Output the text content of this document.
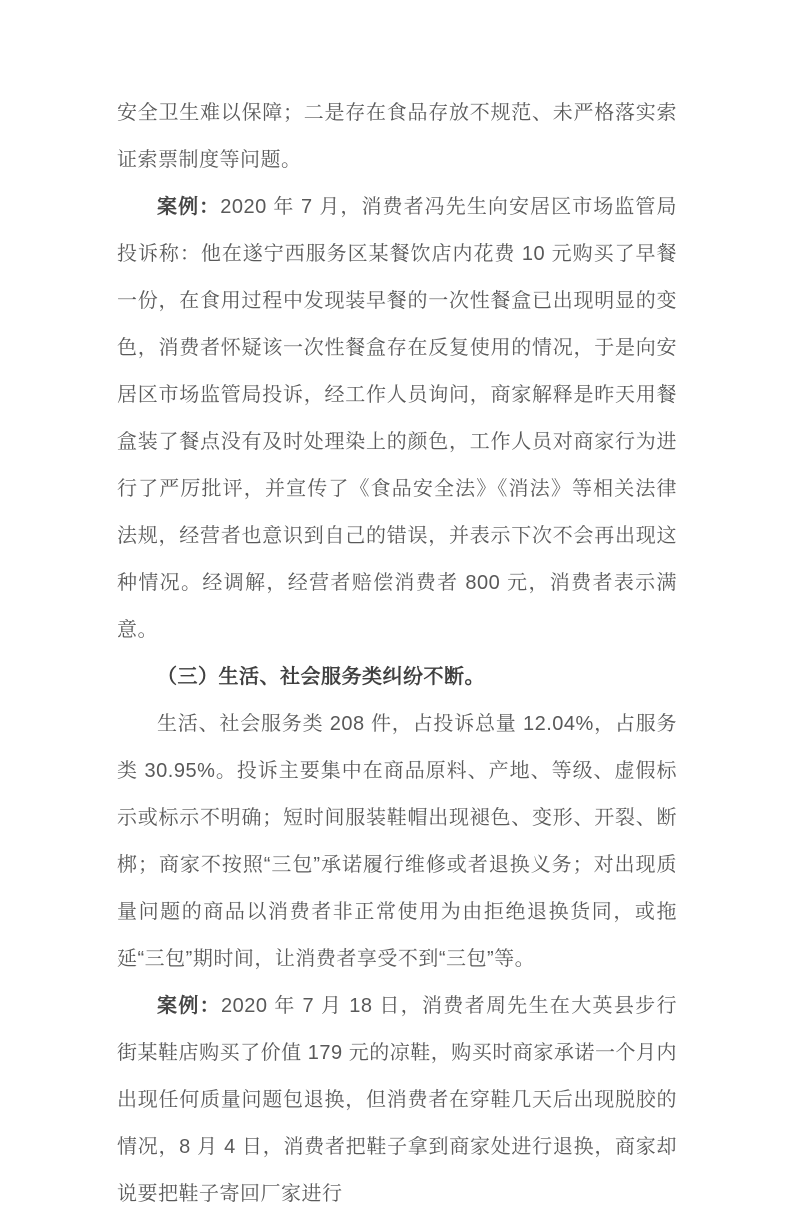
安全卫生难以保障；二是存在食品存放不规范、未严格落实索证索票制度等问题。

案例：2020 年 7 月，消费者冯先生向安居区市场监管局投诉称：他在遂宁西服务区某餐饮店内花费 10 元购买了早餐一份，在食用过程中发现装早餐的一次性餐盒已出现明显的变色，消费者怀疑该一次性餐盒存在反复使用的情况，于是向安居区市场监管局投诉，经工作人员询问，商家解释是昨天用餐盒装了餐点没有及时处理染上的颜色，工作人员对商家行为进行了严厉批评，并宣传了《食品安全法》《消法》等相关法律法规，经营者也意识到自己的错误，并表示下次不会再出现这种情况。经调解，经营者赔偿消费者 800 元，消费者表示满意。

（三）生活、社会服务类纠纷不断。

生活、社会服务类 208 件，占投诉总量 12.04%，占服务类 30.95%。投诉主要集中在商品原料、产地、等级、虚假标示或标示不明确；短时间服装鞋帽出现褪色、变形、开裂、断梆；商家不按照“三包”承诺履行维修或者退换义务；对出现质量问题的商品以消费者非正常使用为由拒绝退换货同，或拖延“三包”期时间，让消费者享受不到“三包”等。

案例：2020 年 7 月 18 日，消费者周先生在大英县步行街某鞋店购买了价值 179 元的凉鞋，购买时商家承诺一个月内出现任何质量问题包退换，但消费者在穿鞋几天后出现脱胶的情况，8 月 4 日，消费者把鞋子拿到商家处进行退换，商家却说要把鞋子寄回厂家进行
